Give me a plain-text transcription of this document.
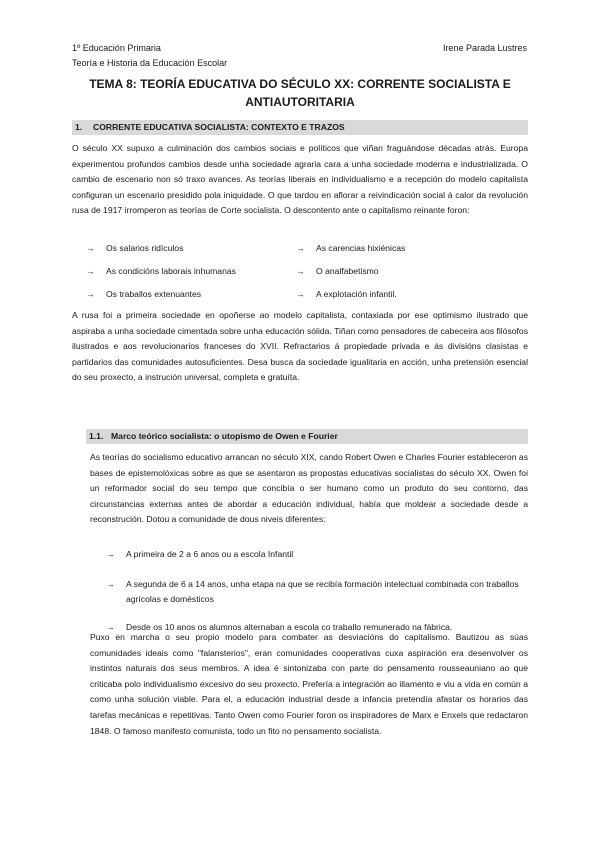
1º Educación Primaria
Teoría e Historia da Educación Escolar
Irene Parada Lustres
TEMA 8: TEORÍA EDUCATIVA DO SÉCULO XX: CORRENTE SOCIALISTA E
ANTIAUTORITARIA
1. CORRENTE EDUCATIVA SOCIALISTA: CONTEXTO E TRAZOS
O século XX supuxo a culminación dos cambios sociais e políticos que viñan fraguándose décadas atrás. Europa experimentou profundos cambios desde unha sociedade agraria cara a unha sociedade moderna e industrializada. O cambio de escenario non só traxo avances. As teorías liberais en individualismo e a recepción do modelo capitalista configuran un escenario presidido pola iniquidade. O que tardou en aflorar a reivindicación social á calor da revolución rusa de 1917 irromperon as teorías de Corte socialista. O descontento ante o capitalismo reinante foron:
→	Os salarios ridículos	→	As carencias hixiénicas
→	As condicións laborais inhumanas	→	O analfabetismo
→	Os traballos extenuantes	→	A explotación infantil.
A rusa foi a primeira sociedade en opoñerse ao modelo capitalista, contaxiada por ese optimismo ilustrado que aspiraba a unha sociedade cimentada sobre unha educación sólida. Tiñan como pensadores de cabeceira aos filósofos ilustrados e aos revolucionarios franceses do XVII. Refractarios á propiedade privada e ás divisións clasistas e partidarios das comunidades autosuficientes. Desa busca da sociedade igualitaria en acción, unha pretensión esencial do seu proxecto, a instrución universal, completa e gratuíta.
1.1. Marco teórico socialista: o utopismo de Owen e Fourier
As teorías do socialismo educativo arrancan no século XIX, cando Robert Owen e Charles Fourier estableceron as bases de epistemolóxicas sobre as que se asentaron as propostas educativas socialistas do século XX. Owen foi un reformador social do seu tempo que concibía o ser humano como un produto do seu contorno, das circunstancias externas antes de abordar a educación individual, había que moldear a sociedade desde a reconstrución. Dotou a comunidade de dous niveis diferentes:
→	A primeira de 2 a 6 anos ou a escola Infantil
→	A segunda de 6 a 14 anos, unha etapa na que se recibía formación intelectual combinada con traballos agrícolas e domésticos
→	Desde os 10 anos os alumnos alternaban a escola co traballo remunerado na fábrica.
Puxo en marcha o seu propio modelo para combater as desviacións do capitalismo. Bautizou as súas comunidades ideais como "falansterios", eran comunidades cooperativas cuxa aspiración era desenvolver os instintos naturais dos seus membros. A idea é sintonizaba con parte do pensamento rousseauniano ao que criticaba polo individualismo excesivo do seu proxecto. Prefería a integración ao illamento e viu a vida en común a como unha solución viable. Para el, a educación industrial desde a infancia pretendía afastar os horarios das tarefas mecánicas e repetitivas. Tanto Owen como Fourier foron os inspiradores de Marx e Enxels que redactaron 1848. O famoso manifesto comunista, todo un fito no pensamento socialista.
